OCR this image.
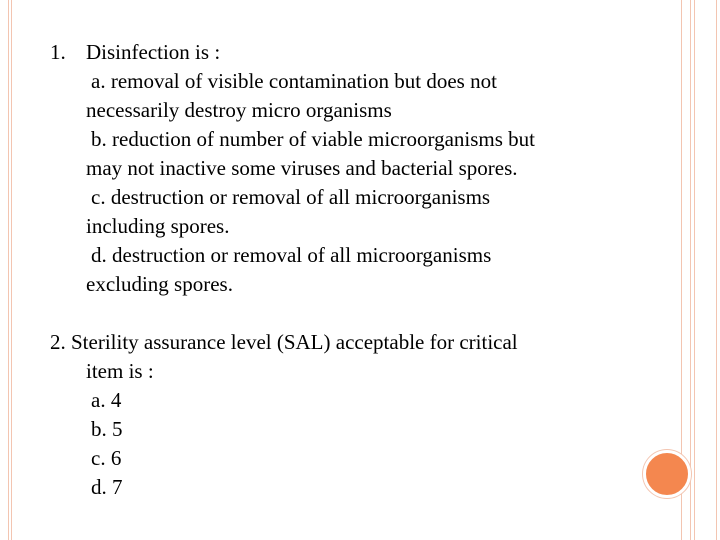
1. Disinfection is :
a. removal of visible contamination but does not
necessarily destroy micro organisms
b. reduction of number of viable microorganisms but
may not inactive some viruses and bacterial spores.
c. destruction or removal of all microorganisms
including spores.
d. destruction or removal of all microorganisms
excluding spores.
2. Sterility assurance level (SAL) acceptable for critical
item is :
a. 4
b. 5
c. 6
d. 7
